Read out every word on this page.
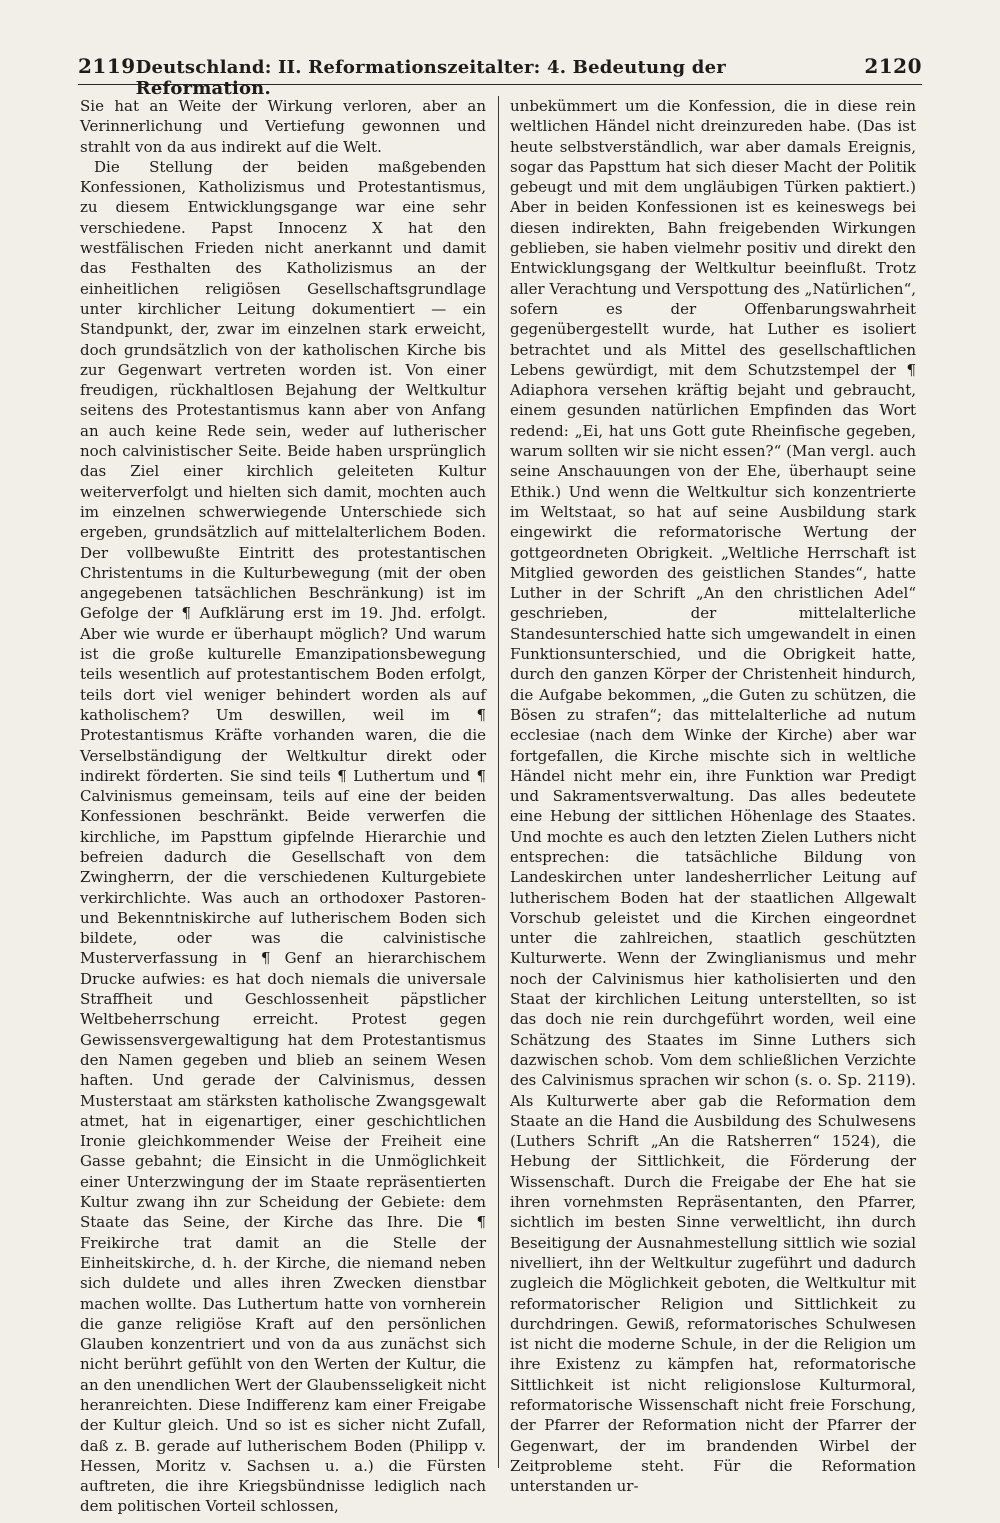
2119 Deutschland: II. Reformationszeitalter: 4. Bedeutung der Reformation.
2120

Sie hat an Weite der Wirkung verloren, aber an Verinnerlichung und Vertiefung gewonnen und strahlt von da aus indirekt auf die Welt.

Die Stellung der beiden maßgebenden Konfessionen, Katholizismus und Protestantismus, zu diesem Entwicklungsgange war eine sehr verschiedene. Papst Innocenz X hat den westfälischen Frieden nicht anerkannt und damit das Festhalten des Katholizismus an der einheitlichen religiösen Gesellschaftsgrundlage unter kirchlicher Leitung dokumentiert — ein Standpunkt, der, zwar im einzelnen stark erweicht, doch grundsätzlich von der katholischen Kirche bis zur Gegenwart vertreten worden ist. Von einer freudigen, rückhaltlosen Bejahung der Weltkultur seitens des Protestantismus kann aber von Anfang an auch keine Rede sein, weder auf lutherischer noch calvinistischer Seite. Beide haben ursprünglich das Ziel einer kirchlich geleiteten Kultur weiterverfolgt und hielten sich damit, mochten auch im einzelnen schwerwiegende Unterschiede sich ergeben, grundsätzlich auf mittelalterlichem Boden. Der vollbewußte Eintritt des protestantischen Christentums in die Kulturbewegung (mit der oben angegebenen tatsächlichen Beschränkung) ist im Gefolge der ¶ Aufklärung erst im 19. Jhd. erfolgt. Aber wie wurde er überhaupt möglich? Und warum ist die große kulturelle Emanzipationsbewegung teils wesentlich auf protestantischem Boden erfolgt, teils dort viel weniger behindert worden als auf katholischem? Um deswillen, weil im ¶ Protestantismus Kräfte vorhanden waren, die die Verselbständigung der Weltkultur direkt oder indirekt förderten. Sie sind teils ¶ Luthertum und ¶ Calvinismus gemeinsam, teils auf eine der beiden Konfessionen beschränkt. Beide verwerfen die kirchliche, im Papsttum gipfelnde Hierarchie und befreien dadurch die Gesellschaft von dem Zwingherrn, der die verschiedenen Kulturgebiete verkirchlichte. Was auch an orthodoxer Pastoren- und Bekenntniskirche auf lutherischem Boden sich bildete, oder was die calvinistische Musterverfassung in ¶ Genf an hierarchischem Drucke aufwies: es hat doch niemals die universale Straffheit und Geschlossenheit päpstlicher Weltbeherrschung erreicht. Protest gegen Gewissensvergewaltigung hat dem Protestantismus den Namen gegeben und blieb an seinem Wesen haften. Und gerade der Calvinismus, dessen Musterstaat am stärksten katholische Zwangsgewalt atmet, hat in eigenartiger, einer geschichtlichen Ironie gleichkommender Weise der Freiheit eine Gasse gebahnt; die Einsicht in die Unmöglichkeit einer Unterzwingung der im Staate repräsentierten Kultur zwang ihn zur Scheidung der Gebiete: dem Staate das Seine, der Kirche das Ihre. Die ¶ Freikirche trat damit an die Stelle der Einheitskirche, d. h. der Kirche, die niemand neben sich duldete und alles ihren Zwecken dienstbar machen wollte. Das Luthertum hatte von vornherein die ganze religiöse Kraft auf den persönlichen Glauben konzentriert und von da aus zunächst sich nicht berührt gefühlt von den Werten der Kultur, die an den unendlichen Wert der Glaubensseligkeit nicht heranreichten. Diese Indifferenz kam einer Freigabe der Kultur gleich. Und so ist es sicher nicht Zufall, daß z. B. gerade auf lutherischem Boden (Philipp v. Hessen, Moritz v. Sachsen u. a.) die Fürsten auftreten, die ihre Kriegsbündnisse lediglich nach dem politischen Vorteil schlossen,

unbekümmert um die Konfession, die in diese rein weltlichen Händel nicht dreinzureden habe. (Das ist heute selbstverständlich, war aber damals Ereignis, sogar das Papsttum hat sich dieser Macht der Politik gebeugt und mit dem ungläubigen Türken paktiert.) Aber in beiden Konfessionen ist es keineswegs bei diesen indirekten, Bahn freigebenden Wirkungen geblieben, sie haben vielmehr positiv und direkt den Entwicklungsgang der Weltkultur beeinflußt. Trotz aller Verachtung und Verspottung des „Natürlichen“, sofern es der Offenbarungswahrheit gegenübergestellt wurde, hat Luther es isoliert betrachtet und als Mittel des gesellschaftlichen Lebens gewürdigt, mit dem Schutzstempel der ¶ Adiaphora versehen kräftig bejaht und gebraucht, einem gesunden natürlichen Empfinden das Wort redend: „Ei, hat uns Gott gute Rheinfische gegeben, warum sollten wir sie nicht essen?“ (Man vergl. auch seine Anschauungen von der Ehe, überhaupt seine Ethik.) Und wenn die Weltkultur sich konzentrierte im Weltstaat, so hat auf seine Ausbildung stark eingewirkt die reformatorische Wertung der gottgeordneten Obrigkeit. „Weltliche Herrschaft ist Mitglied geworden des geistlichen Standes“, hatte Luther in der Schrift „An den christlichen Adel“ geschrieben, der mittelalterliche Standesunterschied hatte sich umgewandelt in einen Funktionsunterschied, und die Obrigkeit hatte, durch den ganzen Körper der Christenheit hindurch, die Aufgabe bekommen, „die Guten zu schützen, die Bösen zu strafen“; das mittelalterliche ad nutum ecclesiae (nach dem Winke der Kirche) aber war fortgefallen, die Kirche mischte sich in weltliche Händel nicht mehr ein, ihre Funktion war Predigt und Sakramentsverwaltung. Das alles bedeutete eine Hebung der sittlichen Höhenlage des Staates. Und mochte es auch den letzten Zielen Luthers nicht entsprechen: die tatsächliche Bildung von Landeskirchen unter landesherrlicher Leitung auf lutherischem Boden hat der staatlichen Allgewalt Vorschub geleistet und die Kirchen eingeordnet unter die zahlreichen, staatlich geschützten Kulturwerte. Wenn der Zwinglianismus und mehr noch der Calvinismus hier katholisierten und den Staat der kirchlichen Leitung unterstellten, so ist das doch nie rein durchgeführt worden, weil eine Schätzung des Staates im Sinne Luthers sich dazwischen schob. Vom dem schließlichen Verzichte des Calvinismus sprachen wir schon (s. o. Sp. 2119). Als Kulturwerte aber gab die Reformation dem Staate an die Hand die Ausbildung des Schulwesens (Luthers Schrift „An die Ratsherren“ 1524), die Hebung der Sittlichkeit, die Förderung der Wissenschaft. Durch die Freigabe der Ehe hat sie ihren vornehmsten Repräsentanten, den Pfarrer, sichtlich im besten Sinne verweltlicht, ihn durch Beseitigung der Ausnahmestellung sittlich wie sozial nivelliert, ihn der Weltkultur zugeführt und dadurch zugleich die Möglichkeit geboten, die Weltkultur mit reformatorischer Religion und Sittlichkeit zu durchdringen. Gewiß, reformatorisches Schulwesen ist nicht die moderne Schule, in der die Religion um ihre Existenz zu kämpfen hat, reformatorische Sittlichkeit ist nicht religionslose Kulturmoral, reformatorische Wissenschaft nicht freie Forschung, der Pfarrer der Reformation nicht der Pfarrer der Gegenwart, der im brandenden Wirbel der Zeitprobleme steht. Für die Reformation unterstanden ur-
